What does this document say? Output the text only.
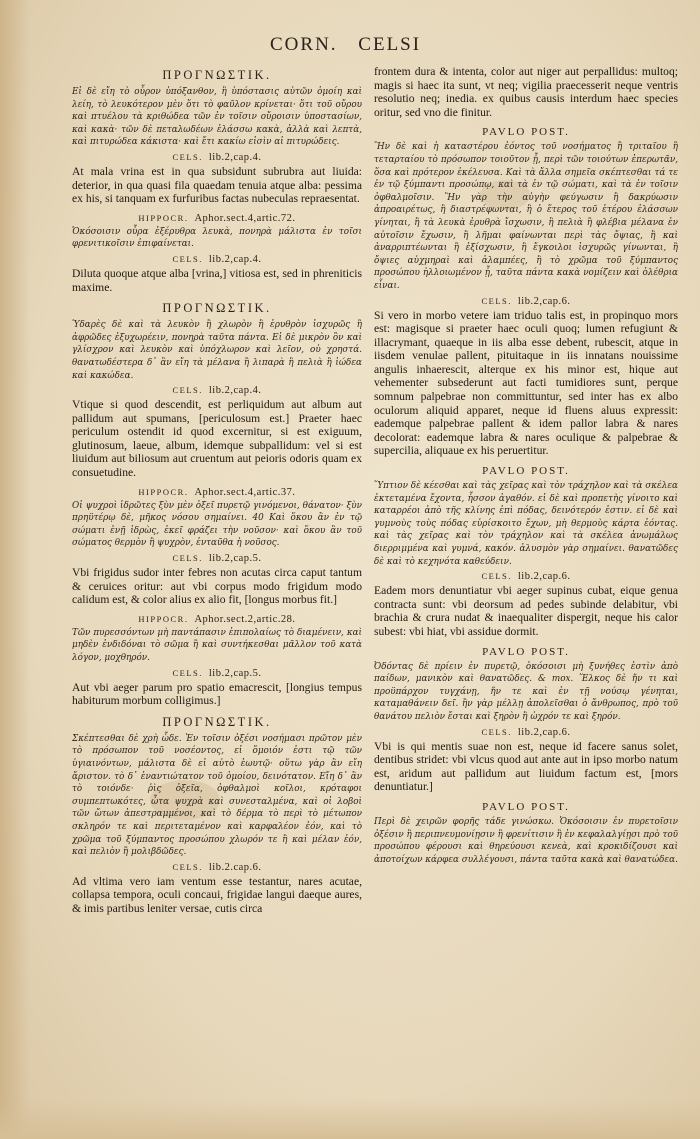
CORN. CELSI
ΠΡΟΓΝΩΣΤΙΚ.
Εἰ δὲ εἴη τὸ οὖρον ὑπόξανθον, ἢ ὑπόστασις αὐτῶν ὁμοίη καὶ λείη, τὸ λευκότερον μὲν ὅτι τὸ φαῦλον κρίνεται· ὅτι τοῦ οὔρου καὶ πτυέλου τὰ κριθώδεα τῶν ἐν τοῖσιν οὔροισιν ὑποστασίων, καὶ κακὰ· τῶν δὲ πεταλωδέων ἐλάσσω κακὰ, ἀλλὰ καὶ λεπτὰ, καὶ πιτυρώδεα κάκιστα· καὶ ἔτι κακίω εἰσὶν αἱ πιτυρώδεις.
CELS. lib.2,cap.4.
At mala vrina est in qua subsidunt subrubra aut liuida: deterior, in qua quasi fila quaedam tenuia atque alba: pessima ex his, si tanquam ex furfuribus factas nubeculas repraesentat.
HIPPOCR. Aphor.sect.4,artic.72.
Ὁκόσοισιν οὖρα ἐξέρυθρα λευκὰ, πονηρὰ μάλιστα ἐν τοῖσι φρενιτικοῖσιν ἐπιφαίνεται.
CELS. lib.2,cap.4.
Diluta quoque atque alba [vrina,] vitiosa est, sed in phreniticis maxime.
ΠΡΟΓΝΩΣΤΙΚ.
Ὑδαρὲς δὲ καὶ τὰ λευκὸν ἢ χλωρὸν ἢ ἐρυθρὸν ἰσχυρῶς ἢ ἀφρῶδες ἐξυχωρέειν, πονηρὰ ταῦτα πάντα. Εἰ δὲ μικρὸν ὂν καὶ γλίσχρον καὶ λευκὸν καὶ ὑπόχλωρον καὶ λεῖον, οὐ χρηστά. θανατωδέστερα δ᾽ ἂν εἴη τὰ μέλανα ἢ λιπαρὰ ἢ πελιὰ ἢ ἰώδεα καὶ κακώδεα.
CELS. lib.2,cap.4.
Vtique si quod descendit, est perliquidum aut album aut pallidum aut spumans, [periculosum est.] Praeter haec periculum ostendit id quod excernitur, si est exiguum, glutinosum, laeue, album, idemque subpallidum: vel si est liuidum aut biliosum aut cruentum aut peioris odoris quam ex consuetudine.
HIPPOCR. Aphor.sect.4,artic.37.
Οἱ ψυχροὶ ἱδρῶτες ξὺν μὲν ὀξεῖ πυρετῷ γινόμενοι, θάνατον· ξὺν πρηϋτέρῳ δὲ, μῆκος νόσου σημαίνει. 40 Καὶ ὅκου ἂν ἐν τῷ σώματι ἐνῇ ἱδρὼς, ἐκεῖ φράζει τὴν νοῦσον· καὶ ὅκου ἂν τοῦ σώματος θερμὸν ἢ ψυχρὸν, ἐνταῦθα ἡ νοῦσος.
CELS. lib.2,cap.5.
Vbi frigidus sudor inter febres non acutas circa caput tantum & ceruices oritur: aut vbi corpus modo frigidum modo calidum est, & color alius ex alio fit, [longus morbus fit.]
HIPPOCR. Aphor.sect.2,artic.28.
Τῶν πυρεσσόντων μὴ παντάπασιν ἐπιπολαίως τὸ διαμένειν, καὶ μηδὲν ἐνδιδόναι τὸ σῶμα ἢ καὶ συντήκεσθαι μᾶλλον τοῦ κατὰ λόγον, μοχθηρόν.
CELS. lib.2,cap.5.
Aut vbi aeger parum pro spatio emacrescit, [longius tempus habiturum morbum colligimus.]
ΠΡΟΓΝΩΣΤΙΚ.
Σκέπτεσθαι δὲ χρὴ ὧδε. Ἐν τοῖσιν ὀξέσι νοσήμασι πρῶτον μὲν τὸ πρόσωπον τοῦ νοσέοντος, εἰ ὅμοιόν ἐστι τῷ τῶν ὑγιαινόντων, μάλιστα δὲ εἰ αὐτὸ ἑωυτῷ· οὕτω γὰρ ἂν εἴη ἄριστον. τὸ δ᾽ ἐναντιώτατον τοῦ ὁμοίου, δεινότατον. Εἴη δ᾽ ἂν τὸ τοιόνδε· ῥὶς ὀξεῖα, ὀφθαλμοὶ κοῖλοι, κρόταφοι συμπεπτωκότες, ὦτα ψυχρὰ καὶ συνεσταλμένα, καὶ οἱ λοβοὶ τῶν ὤτων ἀπεστραμμένοι, καὶ τὸ δέρμα τὸ περὶ τὸ μέτωπον σκληρόν τε καὶ περιτεταμένον καὶ καρφαλέον ἐόν, καὶ τὸ χρῶμα τοῦ ξύμπαντος προσώπου χλωρόν τε ἢ καὶ μέλαν ἐόν, καὶ πελιὸν ἢ μολιβδῶδες.
CELS. lib.2.cap.6.
Ad vltima vero iam ventum esse testantur, nares acutae, collapsa tempora, oculi concaui, frigidae langui daeque aures, & imis partibus leniter versae, cutis circa
frontem dura & intenta, color aut niger aut perpallidus: multoq; magis si haec ita sunt, vt neq; vigilia praecesserit neque ventris resolutio neq; inedia. ex quibus causis interdum haec species oritur, sed vno die finitur.
PAVLO POST.
Ἢν δὲ καὶ ἡ καταστέρου ἐόντος τοῦ νοσήματος ἢ τριταῖου ἢ τεταρταίου τὸ πρόσωπον τοιοῦτον ᾖ, περὶ τῶν τοιούτων ἐπερωτᾶν, ὅσα καὶ πρότερον ἐκέλευσα. Καὶ τὰ ἄλλα σημεῖα σκέπτεσθαι τά τε ἐν τῷ ξύμπαντι προσώπῳ, καὶ τὰ ἐν τῷ σώματι, καὶ τὰ ἐν τοῖσιν ὀφθαλμοῖσιν. Ἢν γὰρ τὴν αὐγὴν φεύγωσιν ἢ δακρύωσιν ἀπροαιρέτως, ἢ διαστρέφωνται, ἢ ὁ ἕτερος τοῦ ἑτέρου ἐλάσσων γίνηται, ἢ τὰ λευκὰ ἐρυθρὰ ἴσχωσιν, ἢ πελιὰ ἢ φλέβια μέλανα ἐν αὐτοῖσιν ἔχωσιν, ἢ λῆμαι φαίνωνται περὶ τὰς ὄψιας, ἢ καὶ ἀναρριπτέωνται ἢ ἐξίσχωσιν, ἢ ἔγκοιλοι ἰσχυρῶς γίνωνται, ἢ ὄψιες αὐχμηραὶ καὶ ἀλαμπέες, ἢ τὸ χρῶμα τοῦ ξύμπαντος προσώπου ἠλλοιωμένον ᾖ, ταῦτα πάντα κακὰ νομίζειν καὶ ὀλέθρια εἶναι.
CELS. lib.2,cap.6.
Si vero in morbo vetere iam triduo talis est, in propinquo mors est: magisque si praeter haec oculi quoq; lumen refugiunt & illacrymant, quaeque in iis alba esse debent, rubescit, atque in iisdem venulae pallent, pituitaque in iis innatans nouissime angulis inhaerescit, alterque ex his minor est, hique aut vehementer subsederunt aut facti tumidiores sunt, perque somnum palpebrae non committuntur, sed inter has ex albo oculorum aliquid apparet, neque id fluens aluus expressit: eademque palpebrae pallent & idem pallor labra & nares decolorat: eademque labra & nares oculique & palpebrae & supercilia, aliquaue ex his peruertitur.
PAVLO POST.
Ὕπτιον δὲ κέεσθαι καὶ τὰς χεῖρας καὶ τὸν τράχηλον καὶ τὰ σκέλεα ἐκτεταμένα ἔχοντα, ἧσσον ἀγαθόν. εἰ δὲ καὶ προπετὴς γίνοιτο καὶ καταρρέοι ἀπὸ τῆς κλίνης ἐπὶ πόδας, δεινότερόν ἐστιν. εἰ δὲ καὶ γυμνοὺς τοὺς πόδας εὑρίσκοιτο ἔχων, μὴ θερμοὺς κάρτα ἐόντας. καὶ τὰς χεῖρας καὶ τὸν τράχηλον καὶ τὰ σκέλεα ἀνωμάλως διερριμμένα καὶ γυμνά, κακόν. ἀλυσμὸν γὰρ σημαίνει. θανατῶδες δὲ καὶ τὸ κεχηνότα καθεύδειν.
CELS. lib.2,cap.6.
Eadem mors denuntiatur vbi aeger supinus cubat, eique genua contracta sunt: vbi deorsum ad pedes subinde delabitur, vbi brachia & crura nudat & inaequaliter dispergit, neque his calor subest: vbi hiat, vbi assidue dormit.
PAVLO POST.
Ὀδόντας δὲ πρίειν ἐν πυρετῷ, ὁκόσοισι μὴ ξυνήθες ἐστὶν ἀπὸ παίδων, μανικὸν καὶ θανατῶδες. & mox. Ἕλκος δὲ ἤν τι καὶ προϋπάρχον τυγχάνῃ, ἤν τε καὶ ἐν τῇ νούσῳ γένηται, καταμαθάνειν δεῖ. ἢν γὰρ μέλλῃ ἀπολεῖσθαι ὁ ἄνθρωπος, πρὸ τοῦ θανάτου πελιὸν ἔσται καὶ ξηρὸν ἢ ὠχρόν τε καὶ ξηρόν.
CELS. lib.2,cap.6.
Vbi is qui mentis suae non est, neque id facere sanus solet, dentibus stridet: vbi vlcus quod aut ante aut in ipso morbo natum est, aridum aut pallidum aut liuidum factum est, [mors denuntiatur.]
PAVLO POST.
Περὶ δὲ χειρῶν φορῆς τάδε γινώσκω. Ὁκόσοισιν ἐν πυρετοῖσιν ὀξέσιν ἢ περιπνευμονίῃσιν ἢ φρενίτισιν ἢ ἐν κεφαλαλγίῃσι πρὸ τοῦ προσώπου φέρουσι καὶ θηρεύουσι κενεὰ, καὶ κροκιδίζουσι καὶ ἀποτοίχων κάρφεα συλλέγουσι, πάντα ταῦτα κακὰ καὶ θανατώδεα.
